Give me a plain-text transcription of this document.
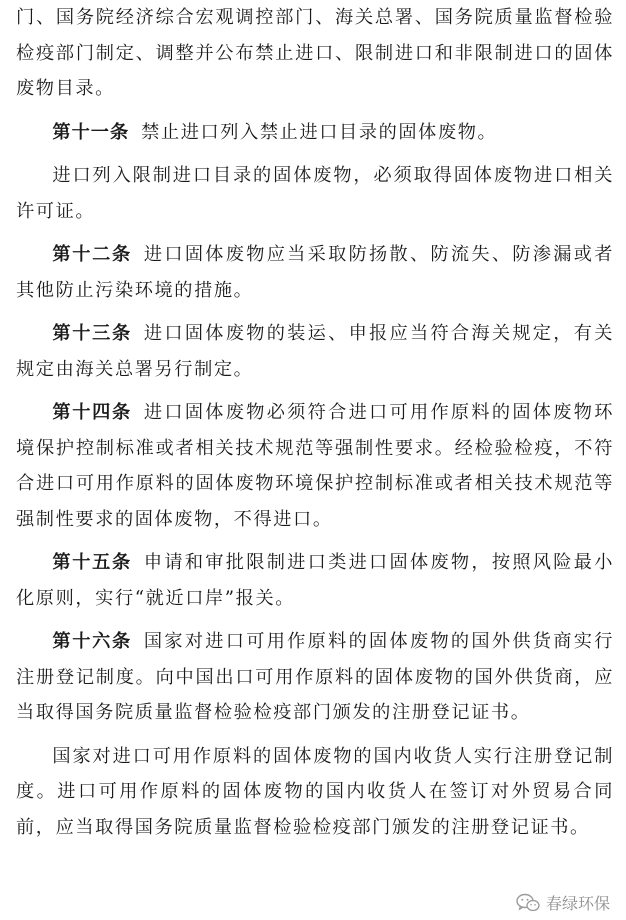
门、国务院经济综合宏观调控部门、海关总署、国务院质量监督检验检疫部门制定、调整并公布禁止进口、限制进口和非限制进口的固体废物目录。

第十一条 禁止进口列入禁止进口目录的固体废物。

进口列入限制进口目录的固体废物，必须取得固体废物进口相关许可证。

第十二条 进口固体废物应当采取防扬散、防流失、防渗漏或者其他防止污染环境的措施。

第十三条 进口固体废物的装运、申报应当符合海关规定，有关规定由海关总署另行制定。

第十四条 进口固体废物必须符合进口可用作原料的固体废物环境保护控制标准或者相关技术规范等强制性要求。经检验检疫，不符合进口可用作原料的固体废物环境保护控制标准或者相关技术规范等强制性要求的固体废物，不得进口。

第十五条 申请和审批限制进口类进口固体废物，按照风险最小化原则，实行“就近口岸”报关。

第十六条 国家对进口可用作原料的固体废物的国外供货商实行注册登记制度。向中国出口可用作原料的固体废物的国外供货商，应当取得国务院质量监督检验检疫部门颁发的注册登记证书。

国家对进口可用作原料的固体废物的国内收货人实行注册登记制度。进口可用作原料的固体废物的国内收货人在签订对外贸易合同前，应当取得国务院质量监督检验检疫部门颁发的注册登记证书。

春绿环保
